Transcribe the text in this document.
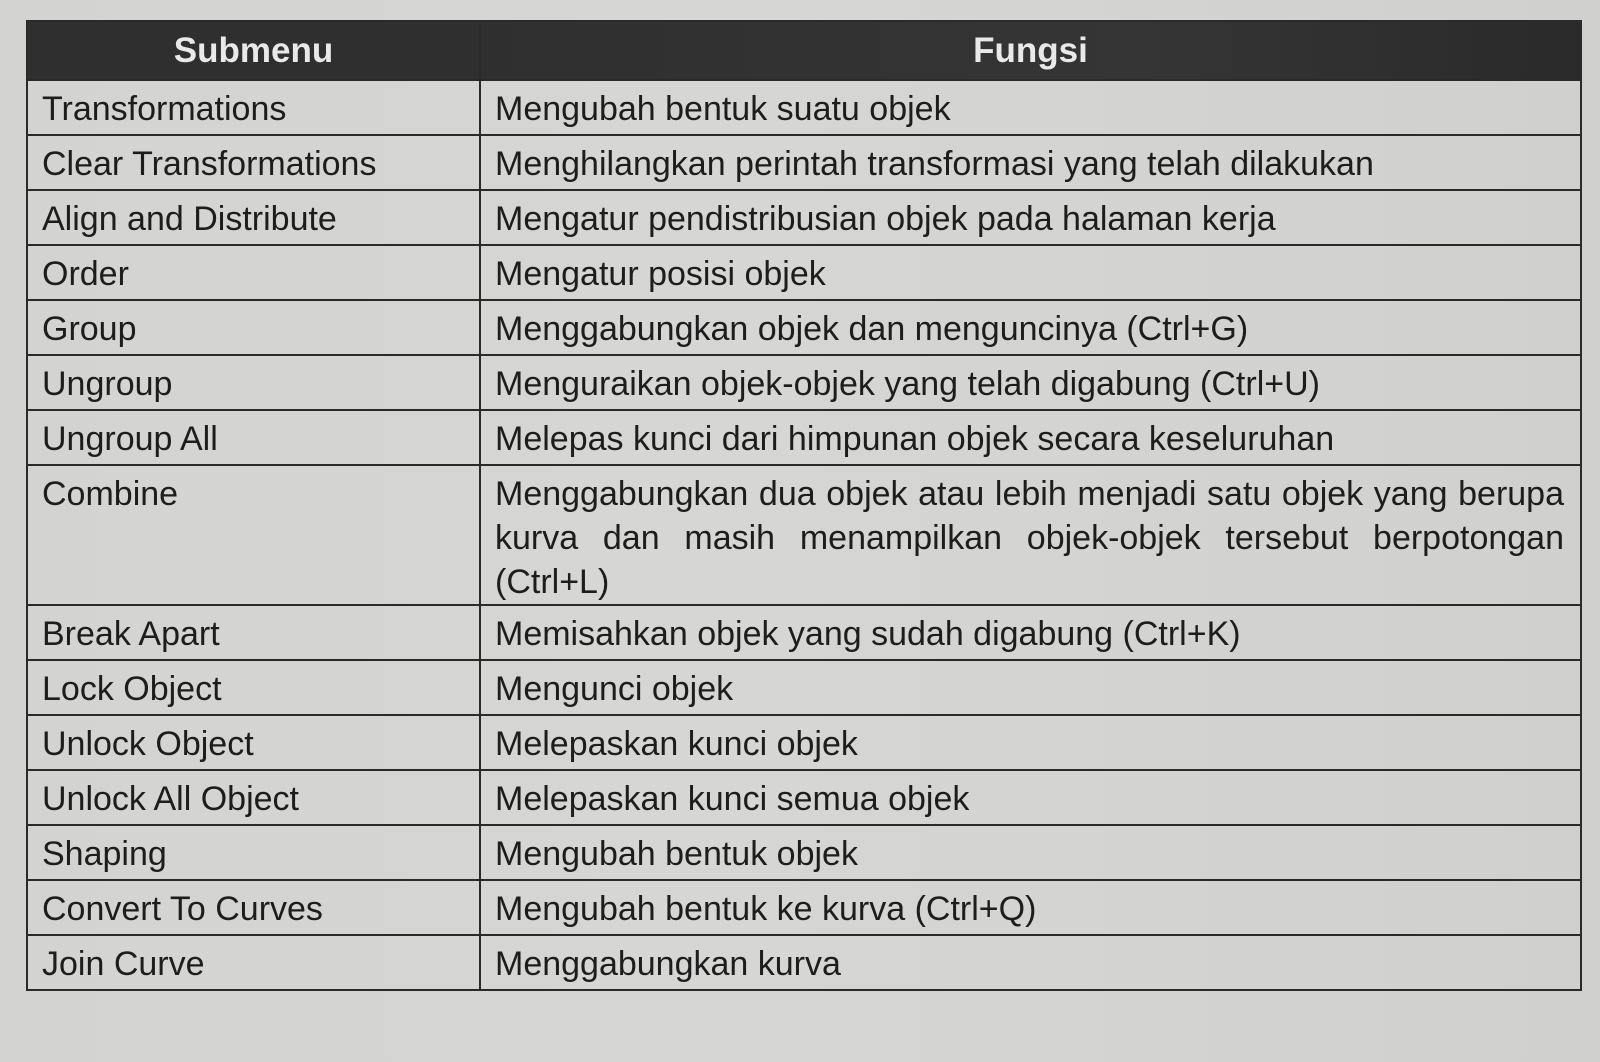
Submenu	Fungsi
Transformations	Mengubah bentuk suatu objek
Clear Transformations	Menghilangkan perintah transformasi yang telah dilakukan
Align and Distribute	Mengatur pendistribusian objek pada halaman kerja
Order	Mengatur posisi objek
Group	Menggabungkan objek dan menguncinya (Ctrl+G)
Ungroup	Menguraikan objek-objek yang telah digabung (Ctrl+U)
Ungroup All	Melepas kunci dari himpunan objek secara keseluruhan
Combine	Menggabungkan dua objek atau lebih menjadi satu objek yang berupa kurva dan masih menampilkan objek-objek tersebut berpotongan (Ctrl+L)
Break Apart	Memisahkan objek yang sudah digabung (Ctrl+K)
Lock Object	Mengunci objek
Unlock Object	Melepaskan kunci objek
Unlock All Object	Melepaskan kunci semua objek
Shaping	Mengubah bentuk objek
Convert To Curves	Mengubah bentuk ke kurva (Ctrl+Q)
Join Curve	Menggabungkan kurva
